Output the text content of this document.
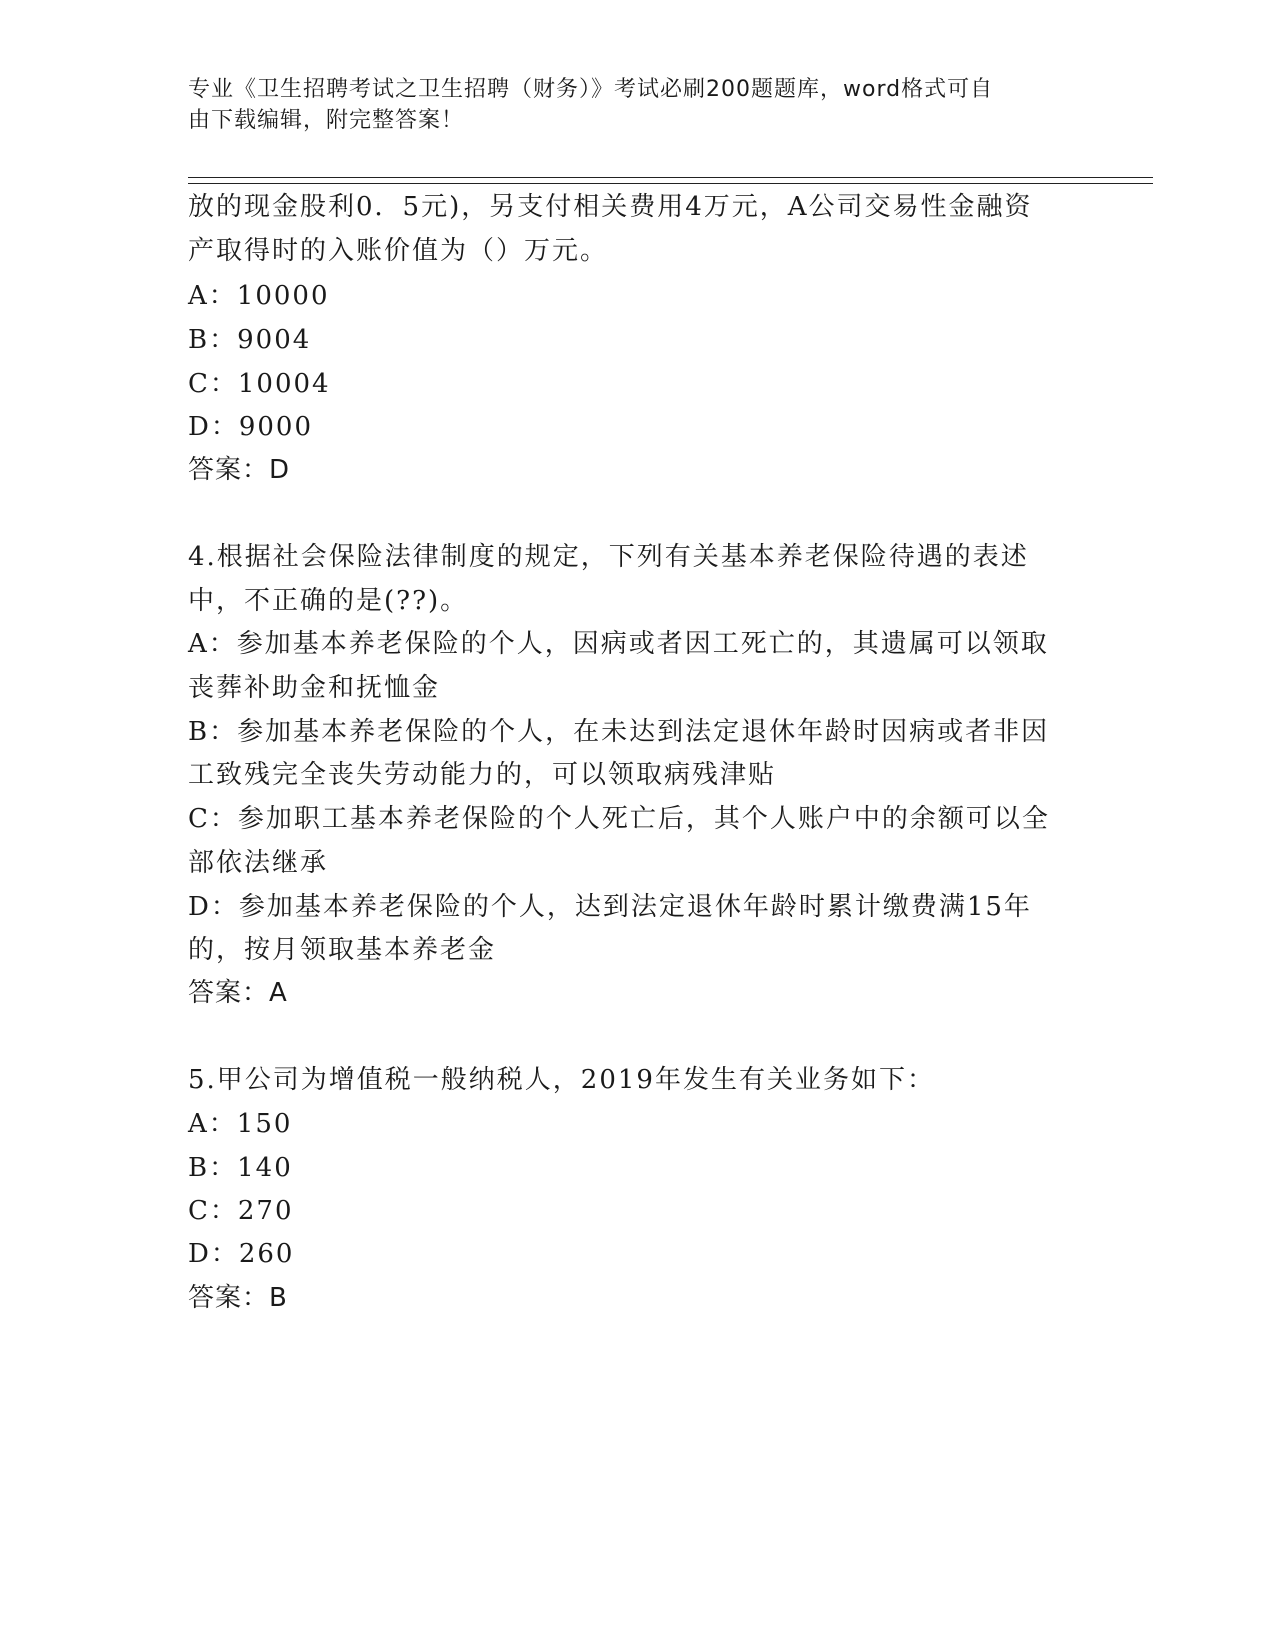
专业《卫生招聘考试之卫生招聘（财务）》考试必刷200题题库，word格式可自
由下载编辑，附完整答案！
放的现金股利0．5元)，另支付相关费用4万元，A公司交易性金融资
产取得时的入账价值为（）万元。
A：10000
B：9004
C：10004
D：9000
答案：D
4.根据社会保险法律制度的规定，下列有关基本养老保险待遇的表述
中，不正确的是(??)。
A：参加基本养老保险的个人，因病或者因工死亡的，其遗属可以领取
丧葬补助金和抚恤金
B：参加基本养老保险的个人，在未达到法定退休年龄时因病或者非因
工致残完全丧失劳动能力的，可以领取病残津贴
C：参加职工基本养老保险的个人死亡后，其个人账户中的余额可以全
部依法继承
D：参加基本养老保险的个人，达到法定退休年龄时累计缴费满15年
的，按月领取基本养老金
答案：A
5.甲公司为增值税一般纳税人，2019年发生有关业务如下：
A：150
B：140
C：270
D：260
答案：B
